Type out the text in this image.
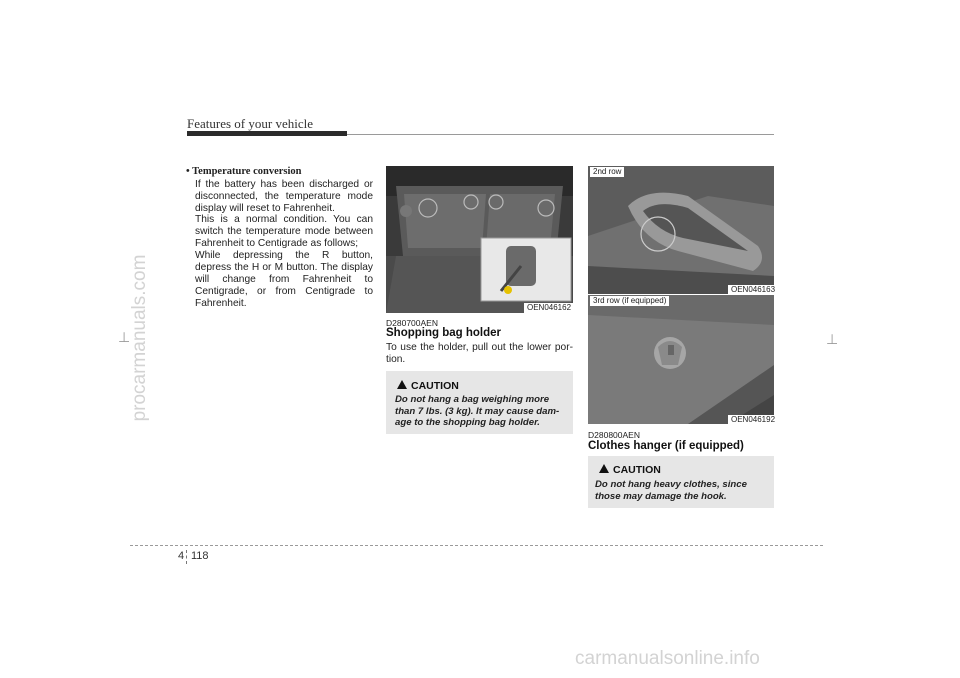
Features of your vehicle
procarmanuals.com
⊥	⊥
• Temperature conversion
If the battery has been discharged or disconnected, the temperature mode display will reset to Fahrenheit.
This is a normal condition. You can switch the temperature mode between Fahrenheit to Centigrade as follows;
While depressing the R button, depress the H or M button. The display will change from Fahrenheit to Centigrade, or from Centigrade to Fahrenheit.	OEN046162
D280700AEN
Shopping bag holder
To use the holder, pull out the lower por-tion.
CAUTION
Do not hang a bag weighing more than 7 lbs. (3 kg). It may cause dam-age to the shopping bag holder.
2nd row
OEN046163
3rd row (if equipped)
OEN046192
D280800AEN
Clothes hanger (if equipped)
CAUTION
Do not hang heavy clothes, since those may damage the hook.
4 118
carmanualsonline.info
